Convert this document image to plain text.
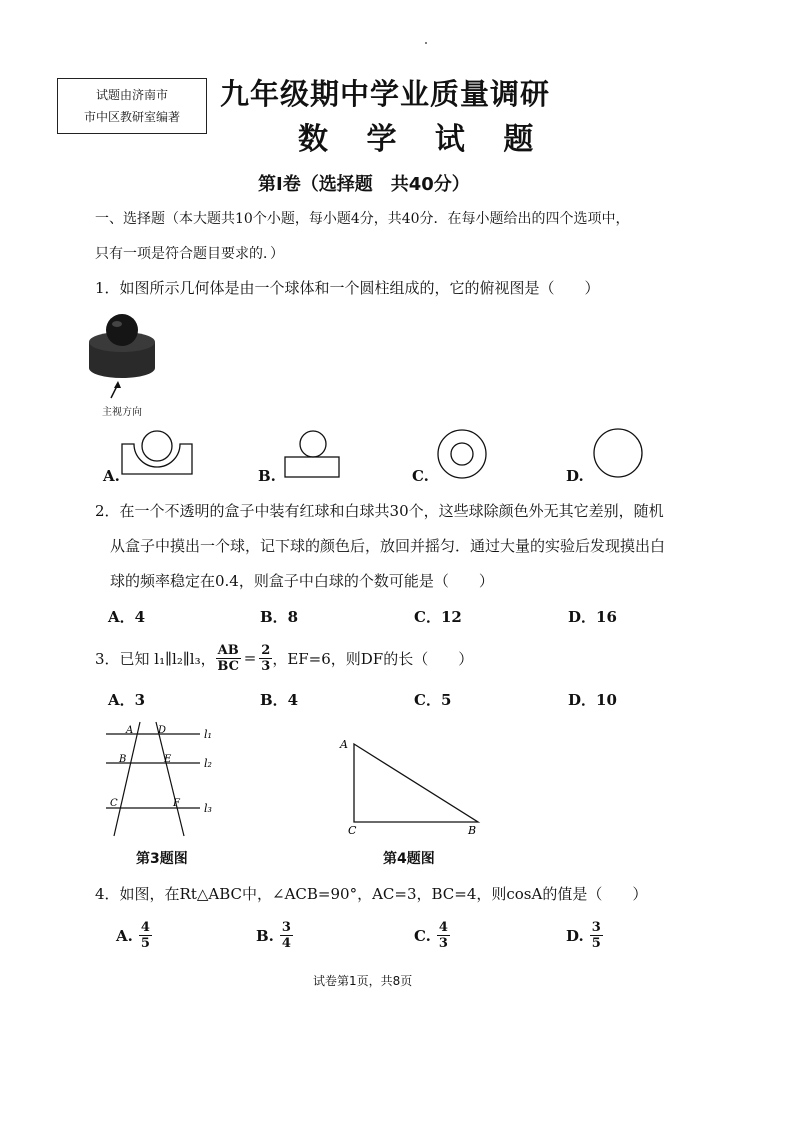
试题由济南市
市中区教研室编著
九年级期中学业质量调研
数 学 试 题
第Ⅰ卷（选择题　共40分）
一、选择题（本大题共10个小题，每小题4分，共40分．在每小题给出的四个选项中，
只有一项是符合题目要求的．）
1．如图所示几何体是由一个球体和一个圆柱组成的，它的俯视图是（　　）
主视方向
A.	B.	C.	D.
2．在一个不透明的盒子中装有红球和白球共30个，这些球除颜色外无其它差别，随机
从盒子中摸出一个球，记下球的颜色后，放回并摇匀．通过大量的实验后发现摸出白
球的频率稳定在0.4，则盒子中白球的个数可能是（　　）
A．4	B．8	C．12	D．16
3．已知 l₁∥l₂∥l₃， $\frac{AB}{BC} = \frac{2}{3}$ ，EF=6，则DF的长（　　）
A．3	B．4	C．5	D．10
A D
B	E
C	F
l₁
l₂
l₃
第3题图
A
C	B
第4题图
4．如图，在Rt△ABC中，∠ACB=90°，AC=3，BC=4，则cosA的值是（　　）
A. $\frac{4}{5}$	B. $\frac{3}{4}$	C. $\frac{4}{3}$	D. $\frac{3}{5}$
试卷第1页，共8页
